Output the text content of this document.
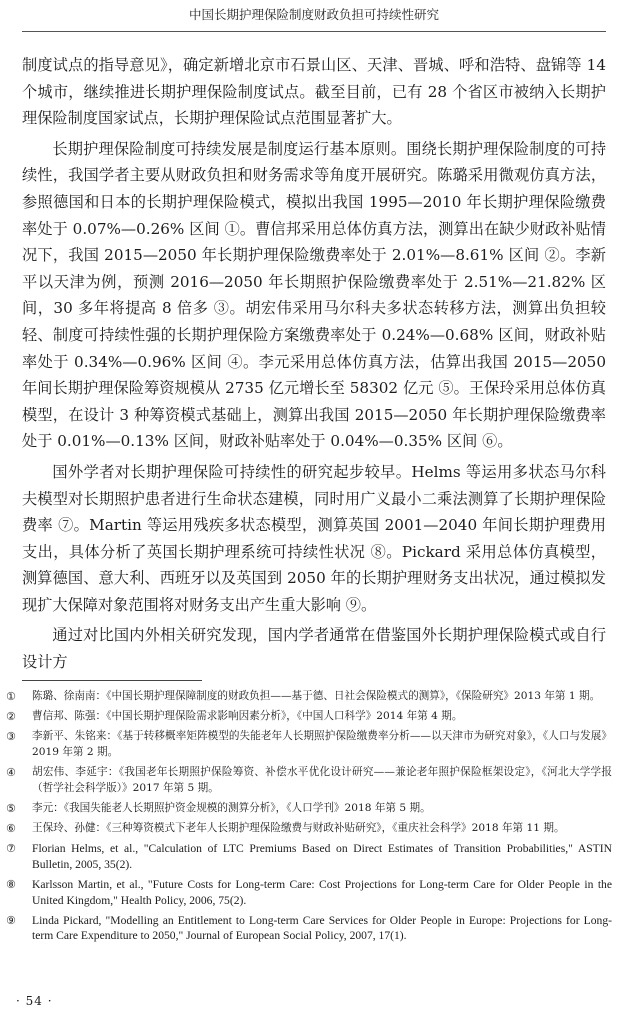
中国长期护理保险制度财政负担可持续性研究

制度试点的指导意见》，确定新增北京市石景山区、天津、晋城、呼和浩特、盘锦等 14 个城市，继续推进长期护理保险制度试点。截至目前，已有 28 个省区市被纳入长期护理保险制度国家试点，长期护理保险试点范围显著扩大。

长期护理保险制度可持续发展是制度运行基本原则。围绕长期护理保险制度的可持续性，我国学者主要从财政负担和财务需求等角度开展研究。陈璐采用微观仿真方法，参照德国和日本的长期护理保险模式，模拟出我国 1995—2010 年长期护理保险缴费率处于 0.07%—0.26% 区间 ①。曹信邦采用总体仿真方法，测算出在缺少财政补贴情况下，我国 2015—2050 年长期护理保险缴费率处于 2.01%—8.61% 区间 ②。李新平以天津为例，预测 2016—2050 年长期照护保险缴费率处于 2.51%—21.82% 区间，30 多年将提高 8 倍多 ③。胡宏伟采用马尔科夫多状态转移方法，测算出负担较轻、制度可持续性强的长期护理保险方案缴费率处于 0.24%—0.68% 区间，财政补贴率处于 0.34%—0.96% 区间 ④。李元采用总体仿真方法，估算出我国 2015—2050 年间长期护理保险筹资规模从 2735 亿元增长至 58302 亿元 ⑤。王保玲采用总体仿真模型，在设计 3 种筹资模式基础上，测算出我国 2015—2050 年长期护理保险缴费率处于 0.01%—0.13% 区间，财政补贴率处于 0.04%—0.35% 区间 ⑥。

国外学者对长期护理保险可持续性的研究起步较早。Helms 等运用多状态马尔科夫模型对长期照护患者进行生命状态建模，同时用广义最小二乘法测算了长期护理保险费率 ⑦。Martin 等运用残疾多状态模型，测算英国 2001—2040 年间长期护理费用支出，具体分析了英国长期护理系统可持续性状况 ⑧。Pickard 采用总体仿真模型，测算德国、意大利、西班牙以及英国到 2050 年的长期护理财务支出状况，通过模拟发现扩大保障对象范围将对财务支出产生重大影响 ⑨。

通过对比国内外相关研究发现，国内学者通常在借鉴国外长期护理保险模式或自行设计方

①	陈璐、徐南南：《中国长期护理保障制度的财政负担——基于德、日社会保险模式的测算》，《保险研究》2013 年第 1 期。
②	曹信邦、陈强：《中国长期护理保险需求影响因素分析》，《中国人口科学》2014 年第 4 期。
③	李新平、朱铭来：《基于转移概率矩阵模型的失能老年人长期照护保险缴费率分析——以天津市为研究对象》，《人口与发展》2019 年第 2 期。
④	胡宏伟、李延宇：《我国老年长期照护保险筹资、补偿水平优化设计研究——兼论老年照护保险框架设定》，《河北大学学报（哲学社会科学版）》2017 年第 5 期。
⑤	李元：《我国失能老人长期照护资金规模的测算分析》，《人口学刊》2018 年第 5 期。
⑥	王保玲、孙健：《三种筹资模式下老年人长期护理保险缴费与财政补贴研究》，《重庆社会科学》2018 年第 11 期。
⑦	Florian Helms, et al., "Calculation of LTC Premiums Based on Direct Estimates of Transition Probabilities," ASTIN Bulletin, 2005, 35(2).
⑧	Karlsson Martin, et al., "Future Costs for Long-term Care: Cost Projections for Long-term Care for Older People in the United Kingdom," Health Policy, 2006, 75(2).
⑨	Linda Pickard, "Modelling an Entitlement to Long-term Care Services for Older People in Europe: Projections for Long-term Care Expenditure to 2050," Journal of European Social Policy, 2007, 17(1).
· 54 ·
